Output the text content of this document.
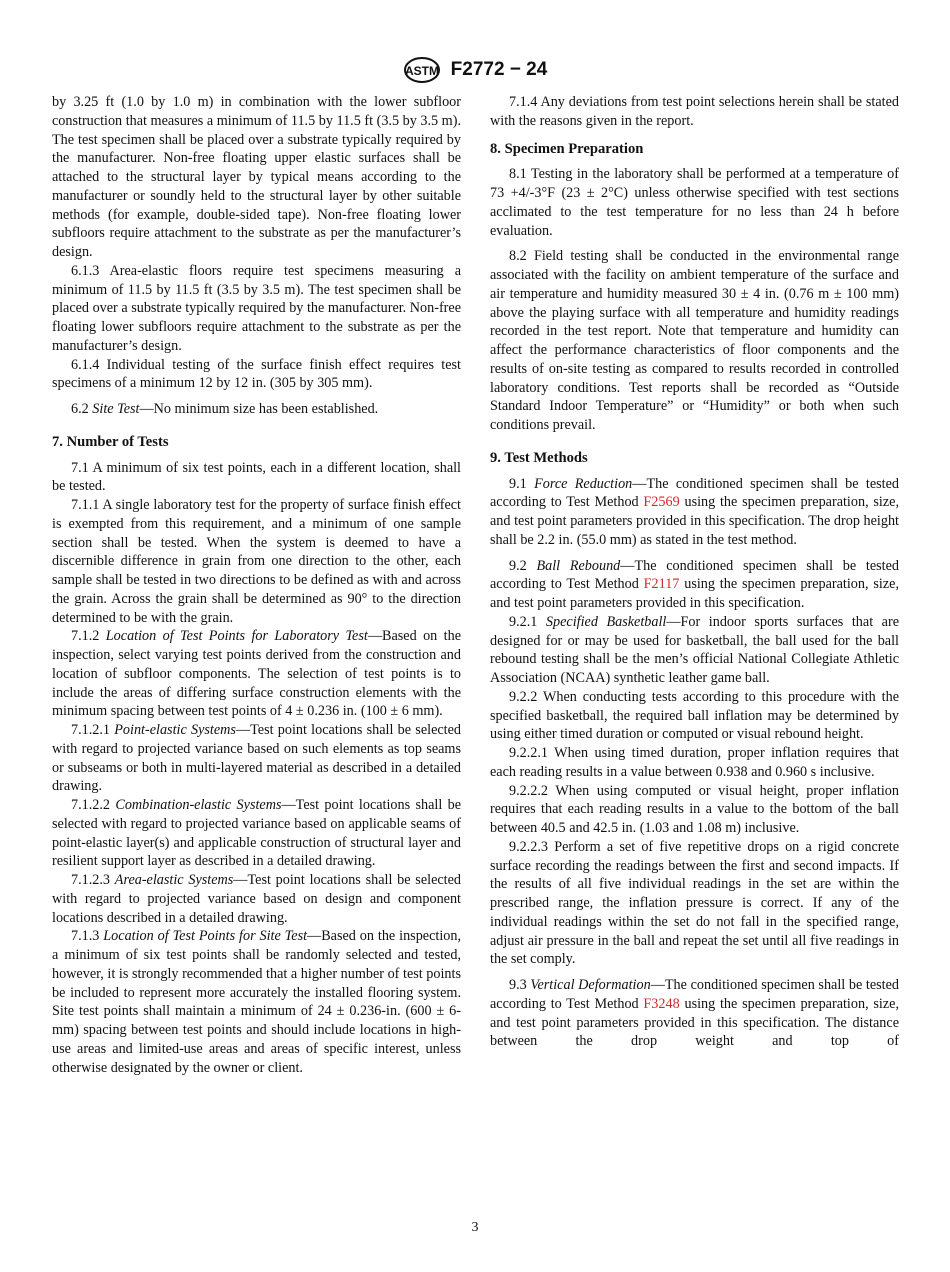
ASTM F2772 − 24

by 3.25 ft (1.0 by 1.0 m) in combination with the lower subfloor construction that measures a minimum of 11.5 by 11.5 ft (3.5 by 3.5 m). The test specimen shall be placed over a substrate typically required by the manufacturer. Non-free floating upper elastic surfaces shall be attached to the structural layer by typical means according to the manufacturer or soundly held to the structural layer by other suitable methods (for example, double-sided tape). Non-free floating lower subfloors require attachment to the substrate as per the manufacturer’s design.

6.1.3 Area-elastic floors require test specimens measuring a minimum of 11.5 by 11.5 ft (3.5 by 3.5 m). The test specimen shall be placed over a substrate typically required by the manufacturer. Non-free floating lower subfloors require attachment to the substrate as per the manufacturer’s design.

6.1.4 Individual testing of the surface finish effect requires test specimens of a minimum 12 by 12 in. (305 by 305 mm).

6.2 Site Test—No minimum size has been established.

7. Number of Tests

7.1 A minimum of six test points, each in a different location, shall be tested.

7.1.1 A single laboratory test for the property of surface finish effect is exempted from this requirement, and a minimum of one sample section shall be tested. When the system is deemed to have a discernible difference in grain from one direction to the other, each sample shall be tested in two directions to be defined as with and across the grain. Across the grain shall be determined as 90° to the direction determined to be with the grain.

7.1.2 Location of Test Points for Laboratory Test—Based on the inspection, select varying test points derived from the construction and location of subfloor components. The selection of test points is to include the areas of differing surface construction elements with the minimum spacing between test points of 4 ± 0.236 in. (100 ± 6 mm).

7.1.2.1 Point-elastic Systems—Test point locations shall be selected with regard to projected variance based on such elements as top seams or subseams or both in multi-layered material as described in a detailed drawing.

7.1.2.2 Combination-elastic Systems—Test point locations shall be selected with regard to projected variance based on applicable seams of point-elastic layer(s) and applicable construction of structural layer and resilient support layer as described in a detailed drawing.

7.1.2.3 Area-elastic Systems—Test point locations shall be selected with regard to projected variance based on design and component locations described in a detailed drawing.

7.1.3 Location of Test Points for Site Test—Based on the inspection, a minimum of six test points shall be randomly selected and tested, however, it is strongly recommended that a higher number of test points be included to represent more accurately the installed flooring system. Site test points shall maintain a minimum of 24 ± 0.236-in. (600 ± 6-mm) spacing between test points and should include locations in high-use areas and limited-use areas and areas of specific interest, unless otherwise designated by the owner or client.

7.1.4 Any deviations from test point selections herein shall be stated with the reasons given in the report.

8. Specimen Preparation

8.1 Testing in the laboratory shall be performed at a temperature of 73 +4/-3°F (23 ± 2°C) unless otherwise specified with test sections acclimated to the test temperature for no less than 24 h before evaluation.

8.2 Field testing shall be conducted in the environmental range associated with the facility on ambient temperature of the surface and air temperature and humidity measured 30 ± 4 in. (0.76 m ± 100 mm) above the playing surface with all temperature and humidity readings recorded in the test report. Note that temperature and humidity can affect the performance characteristics of floor components and the results of on-site testing as compared to results recorded in controlled laboratory conditions. Test reports shall be recorded as “Outside Standard Indoor Temperature” or “Humidity” or both when such conditions prevail.

9. Test Methods

9.1 Force Reduction—The conditioned specimen shall be tested according to Test Method F2569 using the specimen preparation, size, and test point parameters provided in this specification. The drop height shall be 2.2 in. (55.0 mm) as stated in the test method.

9.2 Ball Rebound—The conditioned specimen shall be tested according to Test Method F2117 using the specimen preparation, size, and test point parameters provided in this specification.

9.2.1 Specified Basketball—For indoor sports surfaces that are designed for or may be used for basketball, the ball used for the ball rebound testing shall be the men’s official National Collegiate Athletic Association (NCAA) synthetic leather game ball.

9.2.2 When conducting tests according to this procedure with the specified basketball, the required ball inflation may be determined by using either timed duration or computed or visual rebound height.

9.2.2.1 When using timed duration, proper inflation requires that each reading results in a value between 0.938 and 0.960 s inclusive.

9.2.2.2 When using computed or visual height, proper inflation requires that each reading results in a value to the bottom of the ball between 40.5 and 42.5 in. (1.03 and 1.08 m) inclusive.

9.2.2.3 Perform a set of five repetitive drops on a rigid concrete surface recording the readings between the first and second impacts. If the results of all five individual readings in the set are within the prescribed range, the inflation pressure is correct. If any of the individual readings within the set do not fall in the specified range, adjust air pressure in the ball and repeat the set until all five readings in the set comply.

9.3 Vertical Deformation—The conditioned specimen shall be tested according to Test Method F3248 using the specimen preparation, size, and test point parameters provided in this specification. The distance between the drop weight and top of

3
